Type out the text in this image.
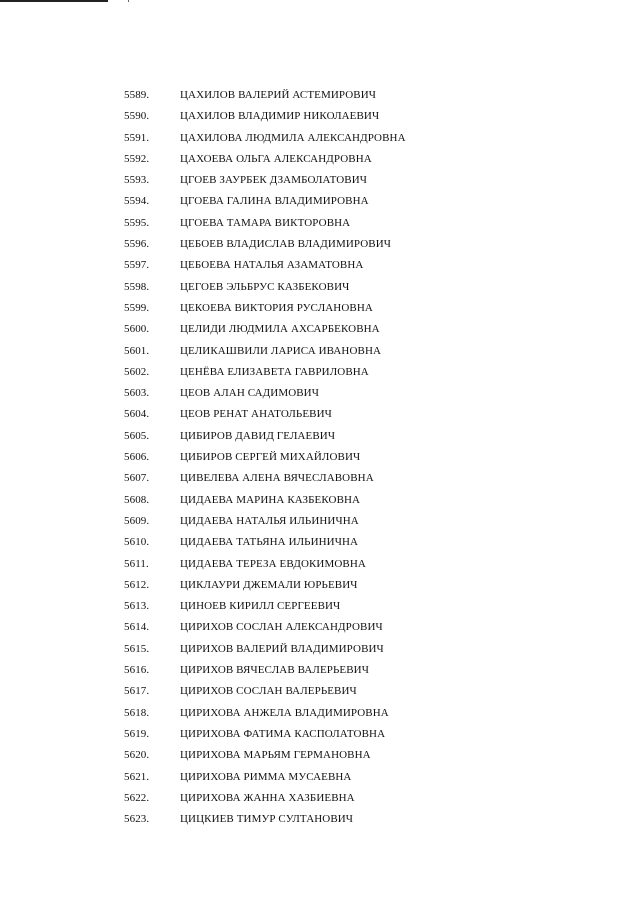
5589.	ЦАХИЛОВ ВАЛЕРИЙ АСТЕМИРОВИЧ
5590.	ЦАХИЛОВ ВЛАДИМИР НИКОЛАЕВИЧ
5591.	ЦАХИЛОВА ЛЮДМИЛА АЛЕКСАНДРОВНА
5592.	ЦАХОЕВА ОЛЬГА АЛЕКСАНДРОВНА
5593.	ЦГОЕВ ЗАУРБЕК ДЗАМБОЛАТОВИЧ
5594.	ЦГОЕВА ГАЛИНА ВЛАДИМИРОВНА
5595.	ЦГОЕВА ТАМАРА ВИКТОРОВНА
5596.	ЦЕБОЕВ ВЛАДИСЛАВ ВЛАДИМИРОВИЧ
5597.	ЦЕБОЕВА НАТАЛЬЯ АЗАМАТОВНА
5598.	ЦЕГОЕВ ЭЛЬБРУС КАЗБЕКОВИЧ
5599.	ЦЕКОЕВА ВИКТОРИЯ РУСЛАНОВНА
5600.	ЦЕЛИДИ ЛЮДМИЛА АХСАРБЕКОВНА
5601.	ЦЕЛИКАШВИЛИ ЛАРИСА ИВАНОВНА
5602.	ЦЕНЁВА ЕЛИЗАВЕТА ГАВРИЛОВНА
5603.	ЦЕОВ АЛАН САДИМОВИЧ
5604.	ЦЕОВ РЕНАТ АНАТОЛЬЕВИЧ
5605.	ЦИБИРОВ ДАВИД ГЕЛАЕВИЧ
5606.	ЦИБИРОВ СЕРГЕЙ МИХАЙЛОВИЧ
5607.	ЦИВЕЛЕВА АЛЕНА ВЯЧЕСЛАВОВНА
5608.	ЦИДАЕВА МАРИНА КАЗБЕКОВНА
5609.	ЦИДАЕВА НАТАЛЬЯ ИЛЬИНИЧНА
5610.	ЦИДАЕВА ТАТЬЯНА ИЛЬИНИЧНА
5611.	ЦИДАЕВА ТЕРЕЗА ЕВДОКИМОВНА
5612.	ЦИКЛАУРИ ДЖЕМАЛИ ЮРЬЕВИЧ
5613.	ЦИНОЕВ КИРИЛЛ СЕРГЕЕВИЧ
5614.	ЦИРИХОВ СОСЛАН АЛЕКСАНДРОВИЧ
5615.	ЦИРИХОВ ВАЛЕРИЙ ВЛАДИМИРОВИЧ
5616.	ЦИРИХОВ ВЯЧЕСЛАВ ВАЛЕРЬЕВИЧ
5617.	ЦИРИХОВ СОСЛАН ВАЛЕРЬЕВИЧ
5618.	ЦИРИХОВА АНЖЕЛА ВЛАДИМИРОВНА
5619.	ЦИРИХОВА ФАТИМА КАСПОЛАТОВНА
5620.	ЦИРИХОВА МАРЬЯМ ГЕРМАНОВНА
5621.	ЦИРИХОВА РИММА МУСАЕВНА
5622.	ЦИРИХОВА ЖАННА ХАЗБИЕВНА
5623.	ЦИЦКИЕВ ТИМУР СУЛТАНОВИЧ
